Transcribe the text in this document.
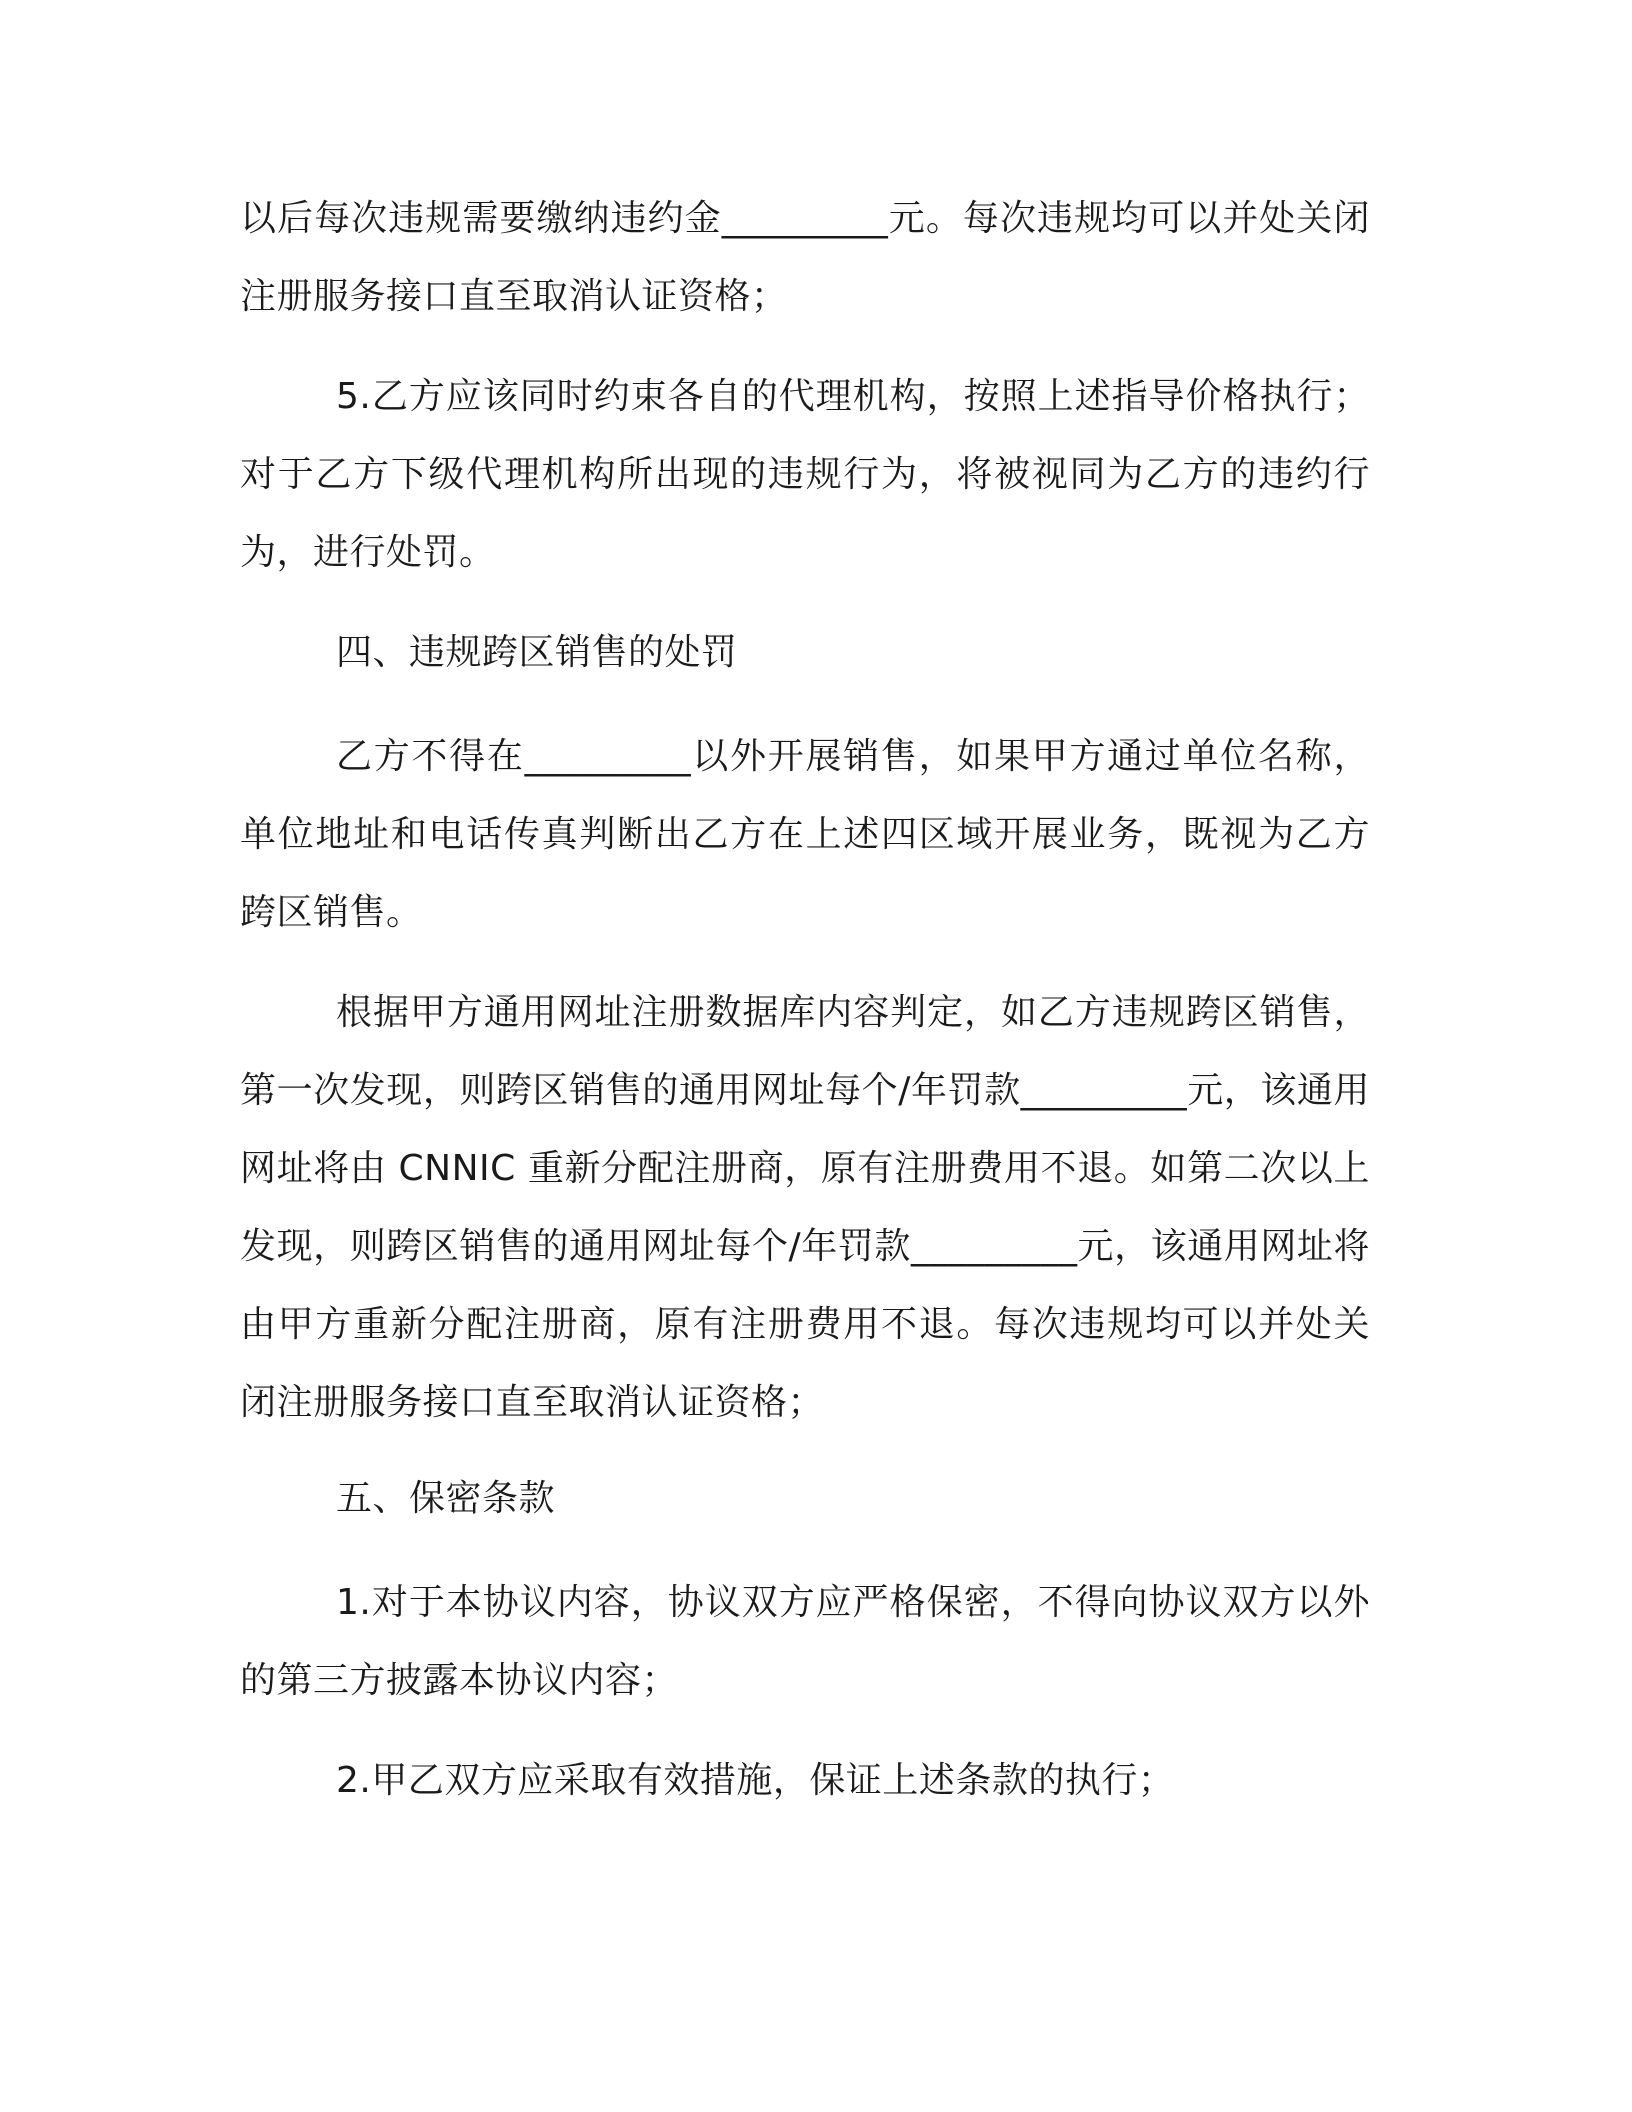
以后每次违规需要缴纳违约金_________元。每次违规均可以并处关闭注册服务接口直至取消认证资格；

5.乙方应该同时约束各自的代理机构，按照上述指导价格执行；对于乙方下级代理机构所出现的违规行为，将被视同为乙方的违约行为，进行处罚。

四、违规跨区销售的处罚

乙方不得在_________以外开展销售，如果甲方通过单位名称，单位地址和电话传真判断出乙方在上述四区域开展业务，既视为乙方跨区销售。

根据甲方通用网址注册数据库内容判定，如乙方违规跨区销售，第一次发现，则跨区销售的通用网址每个/年罚款_________元，该通用网址将由 CNNIC 重新分配注册商，原有注册费用不退。如第二次以上发现，则跨区销售的通用网址每个/年罚款_________元，该通用网址将由甲方重新分配注册商，原有注册费用不退。每次违规均可以并处关闭注册服务接口直至取消认证资格；

五、保密条款

1.对于本协议内容，协议双方应严格保密，不得向协议双方以外的第三方披露本协议内容；

2.甲乙双方应采取有效措施，保证上述条款的执行；
